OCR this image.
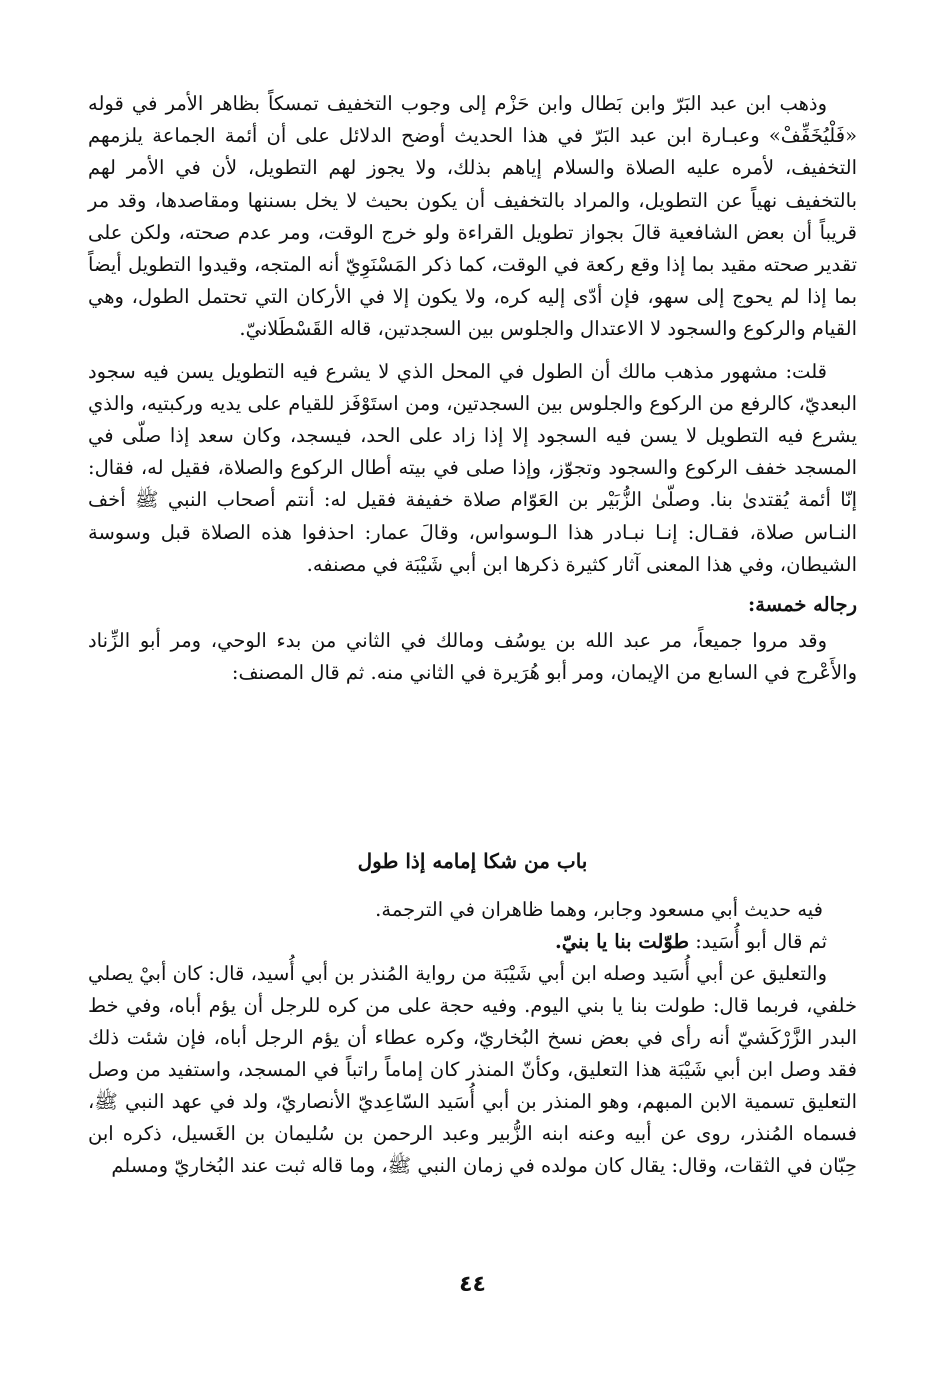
وذهب ابن عبد البَرّ وابن بَطال وابن حَزْم إلى وجوب التخفيف تمسكاً بظاهر الأمر في قوله «فَلْيُخَفِّفْ» وعبـارة ابن عبد البَرّ في هذا الحديث أوضح الدلائل على أن أئمة الجماعة يلزمهم التخفيف، لأمره عليه الصلاة والسلام إياهم بذلك، ولا يجوز لهم التطويل، لأن في الأمر لهم بالتخفيف نهياً عن التطويل، والمراد بالتخفيف أن يكون بحيث لا يخل بسننها ومقاصدها، وقد مر قريباً أن بعض الشافعية قالَ بجواز تطويل القراءة ولو خرج الوقت، ومر عدم صحته، ولكن على تقدير صحته مقيد بما إذا وقع ركعة في الوقت، كما ذكر المَسْنَوِيّ أنه المتجه، وقيدوا التطويل أيضاً بما إذا لم يحوج إلى سهو، فإن أدّى إليه كره، ولا يكون إلا في الأركان التي تحتمل الطول، وهي القيام والركوع والسجود لا الاعتدال والجلوس بين السجدتين، قاله القَسْطَلانيّ.

قلت: مشهور مذهب مالك أن الطول في المحل الذي لا يشرع فيه التطويل يسن فيه سجود البعديّ، كالرفع من الركوع والجلوس بين السجدتين، ومن استَوْفَز للقيام على يديه وركبتيه، والذي يشرع فيه التطويل لا يسن فيه السجود إلا إذا زاد على الحد، فيسجد، وكان سعد إذا صلّى في المسجد خفف الركوع والسجود وتجوّز، وإذا صلى في بيته أطال الركوع والصلاة، فقيل له، فقال: إنّا أئمة يُقتدىٰ بنا. وصلّىٰ الزُّبَيْر بن العَوّام صلاة خفيفة فقيل له: أنتم أصحاب النبي ﷺ أخف النـاس صلاة، فقـال: إنـا نبـادر هذا الـوسواس، وقالَ عمار: احذفوا هذه الصلاة قبل وسوسة الشيطان، وفي هذا المعنى آثار كثيرة ذكرها ابن أبي شَيْبَة في مصنفه.

رجاله خمسة:

وقد مروا جميعاً، مر عبد الله بن يوسُف ومالك في الثاني من بدء الوحي، ومر أبو الزِّناد والأَعْرج في السابع من الإيمان، ومر أبو هُرَيرة في الثاني منه. ثم قال المصنف:

باب من شكا إمامه إذا طول

فيه حديث أبي مسعود وجابر، وهما ظاهران في الترجمة.

ثم قال أبو أُسَيد: طوّلت بنا يا بنيّ.

والتعليق عن أبي أُسَيد وصله ابن أبي شَيْبَة من رواية المُنذر بن أبي أُسيد، قال: كان أبيْ يصلي خلفي، فربما قال: طولت بنا يا بني اليوم. وفيه حجة على من كره للرجل أن يؤم أباه، وفي خط البدر الزَّرْكَشيّ أنه رأى في بعض نسخ البُخاريّ، وكره عطاء أن يؤم الرجل أباه، فإن شئت ذلك فقد وصل ابن أبي شَيْبَة هذا التعليق، وكأنّ المنذر كان إماماً راتباً في المسجد، واستفيد من وصل التعليق تسمية الابن المبهم، وهو المنذر بن أبي أُسَيد السّاعِديّ الأنصاريّ، ولد في عهد النبي ﷺ، فسماه المُنذر، روى عن أبيه وعنه ابنه الزُّبير وعبد الرحمن بن سُليمان بن الغَسيل، ذكره ابن حِبّان في الثقات، وقال: يقال كان مولده في زمان النبي ﷺ، وما قاله ثبت عند البُخاريّ ومسلم

٤٤
